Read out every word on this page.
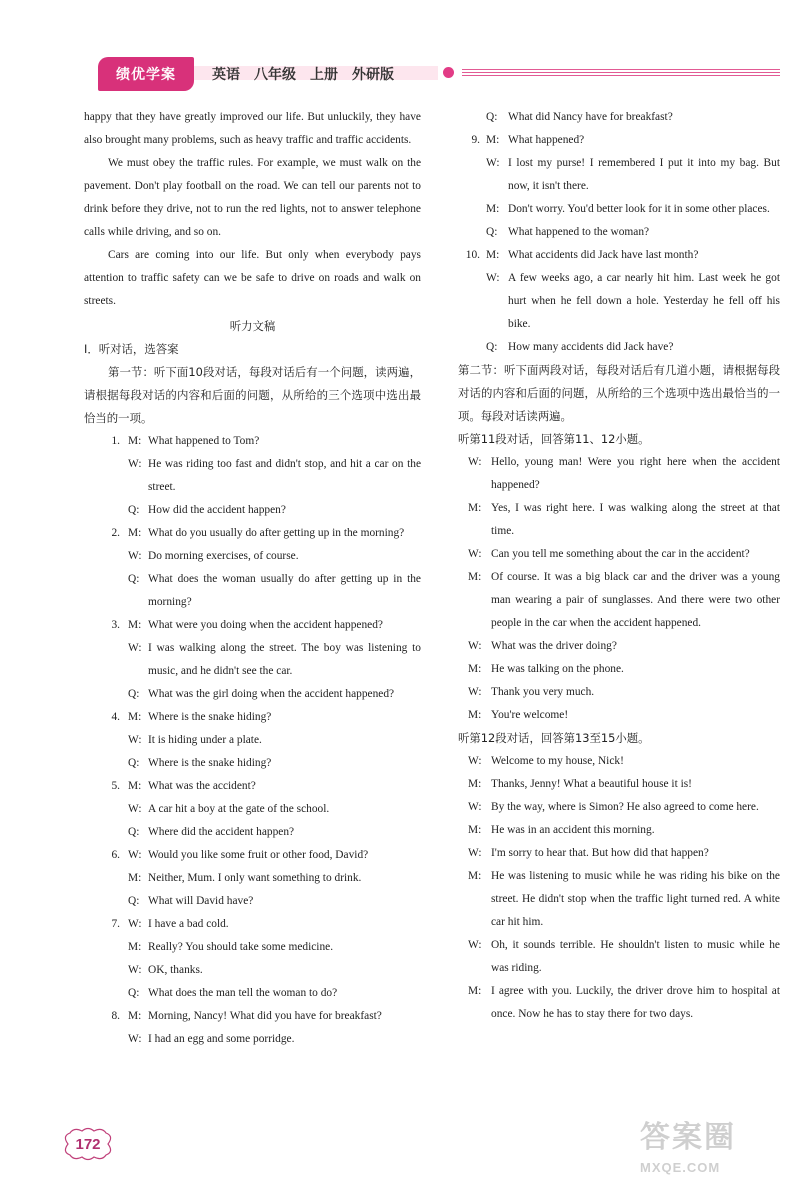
绩优学案	英语　八年级　上册　外研版
happy that they have greatly improved our life. But unluckily, they have also brought many problems, such as heavy traffic and traffic accidents.
We must obey the traffic rules. For example, we must walk on the pavement. Don't play football on the road. We can tell our parents not to drink before they drive, not to run the red lights, not to answer telephone calls while driving, and so on.
Cars are coming into our life. But only when everybody pays attention to traffic safety can we be safe to drive on roads and walk on streets.
听力文稿
Ⅰ．听对话，选答案
第一节：听下面10段对话，每段对话后有一个问题，读两遍，请根据每段对话的内容和后面的问题，从所给的三个选项中选出最恰当的一项。
1. M: What happened to Tom?
W: He was riding too fast and didn't stop, and hit a car on the street.
Q: How did the accident happen?
2. M: What do you usually do after getting up in the morning?
W: Do morning exercises, of course.
Q: What does the woman usually do after getting up in the morning?
3. M: What were you doing when the accident happened?
W: I was walking along the street. The boy was listening to music, and he didn't see the car.
Q: What was the girl doing when the accident happened?
4. M: Where is the snake hiding?
W: It is hiding under a plate.
Q: Where is the snake hiding?
5. M: What was the accident?
W: A car hit a boy at the gate of the school.
Q: Where did the accident happen?
6. W: Would you like some fruit or other food, David?
M: Neither, Mum. I only want something to drink.
Q: What will David have?
7. W: I have a bad cold.
M: Really? You should take some medicine.
W: OK, thanks.
Q: What does the man tell the woman to do?
8. M: Morning, Nancy! What did you have for breakfast?
W: I had an egg and some porridge.
Q: What did Nancy have for breakfast?
9. M: What happened?
W: I lost my purse! I remembered I put it into my bag. But now, it isn't there.
M: Don't worry. You'd better look for it in some other places.
Q: What happened to the woman?
10. M: What accidents did Jack have last month?
W: A few weeks ago, a car nearly hit him. Last week he got hurt when he fell down a hole. Yesterday he fell off his bike.
Q: How many accidents did Jack have?
第二节：听下面两段对话，每段对话后有几道小题，请根据每段对话的内容和后面的问题，从所给的三个选项中选出最恰当的一项。每段对话读两遍。
听第11段对话，回答第11、12小题。
W: Hello, young man! Were you right here when the accident happened?
M: Yes, I was right here. I was walking along the street at that time.
W: Can you tell me something about the car in the accident?
M: Of course. It was a big black car and the driver was a young man wearing a pair of sunglasses. And there were two other people in the car when the accident happened.
W: What was the driver doing?
M: He was talking on the phone.
W: Thank you very much.
M: You're welcome!
听第12段对话，回答第13至15小题。
W: Welcome to my house, Nick!
M: Thanks, Jenny! What a beautiful house it is!
W: By the way, where is Simon? He also agreed to come here.
M: He was in an accident this morning.
W: I'm sorry to hear that. But how did that happen?
M: He was listening to music while he was riding his bike on the street. He didn't stop when the traffic light turned red. A white car hit him.
W: Oh, it sounds terrible. He shouldn't listen to music while he was riding.
M: I agree with you. Luckily, the driver drove him to hospital at once. Now he has to stay there for two days.
172	答案圈
MXQE.COM
